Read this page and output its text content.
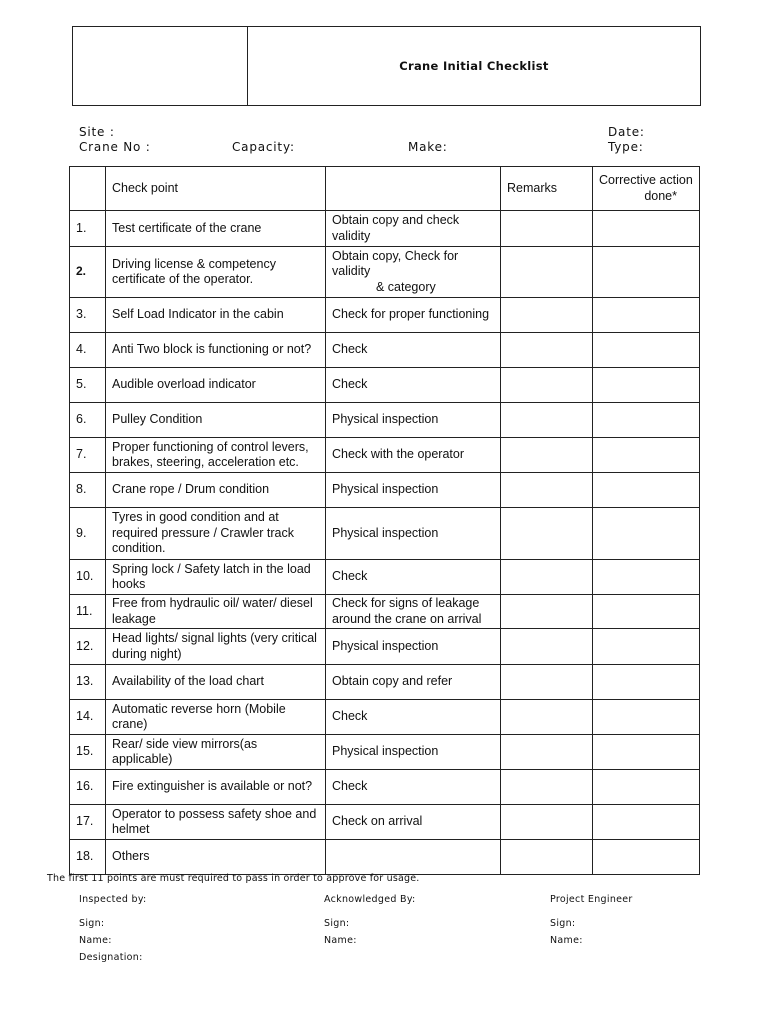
Crane Initial Checklist
Site :
Crane No :	Capacity:	Make:
Date:
Type:
	Check point		Remarks	Corrective action
done*

1.	Test certificate of the crane	Obtain copy and check validity		
2.	Driving license & competency certificate of the operator.	Obtain copy, Check for validity
& category		

3.	Self Load Indicator in the cabin	Check for proper functioning		
4.	Anti Two block is functioning or not?	Check		
5.	Audible overload indicator	Check		
6.	Pulley Condition	Physical inspection		
7.	Proper functioning of control levers, brakes, steering, acceleration etc.	Check with the operator		
8.	Crane rope / Drum condition	Physical inspection		
9.	Tyres in good condition and at required pressure / Crawler track condition.	Physical inspection		
10.	Spring lock / Safety latch in the load hooks	Check		
11.	Free from hydraulic oil/ water/ diesel leakage	Check for signs of leakage around the crane on arrival		
12.	Head lights/ signal lights (very critical during night)	Physical inspection		
13.	Availability of the load chart	Obtain copy and refer		
14.	Automatic reverse horn (Mobile crane)	Check		
15.	Rear/ side view mirrors(as applicable)	Physical inspection		
16.	Fire extinguisher is available or not?	Check		
17.	Operator to possess safety shoe and helmet	Check on arrival		
18.	Others			
The first 11 points are must required to pass in order to approve for usage.
Inspected by:	Acknowledged By:	Project Engineer
Sign:	Sign:	Sign:
Name:	Name:	Name:
Designation:
